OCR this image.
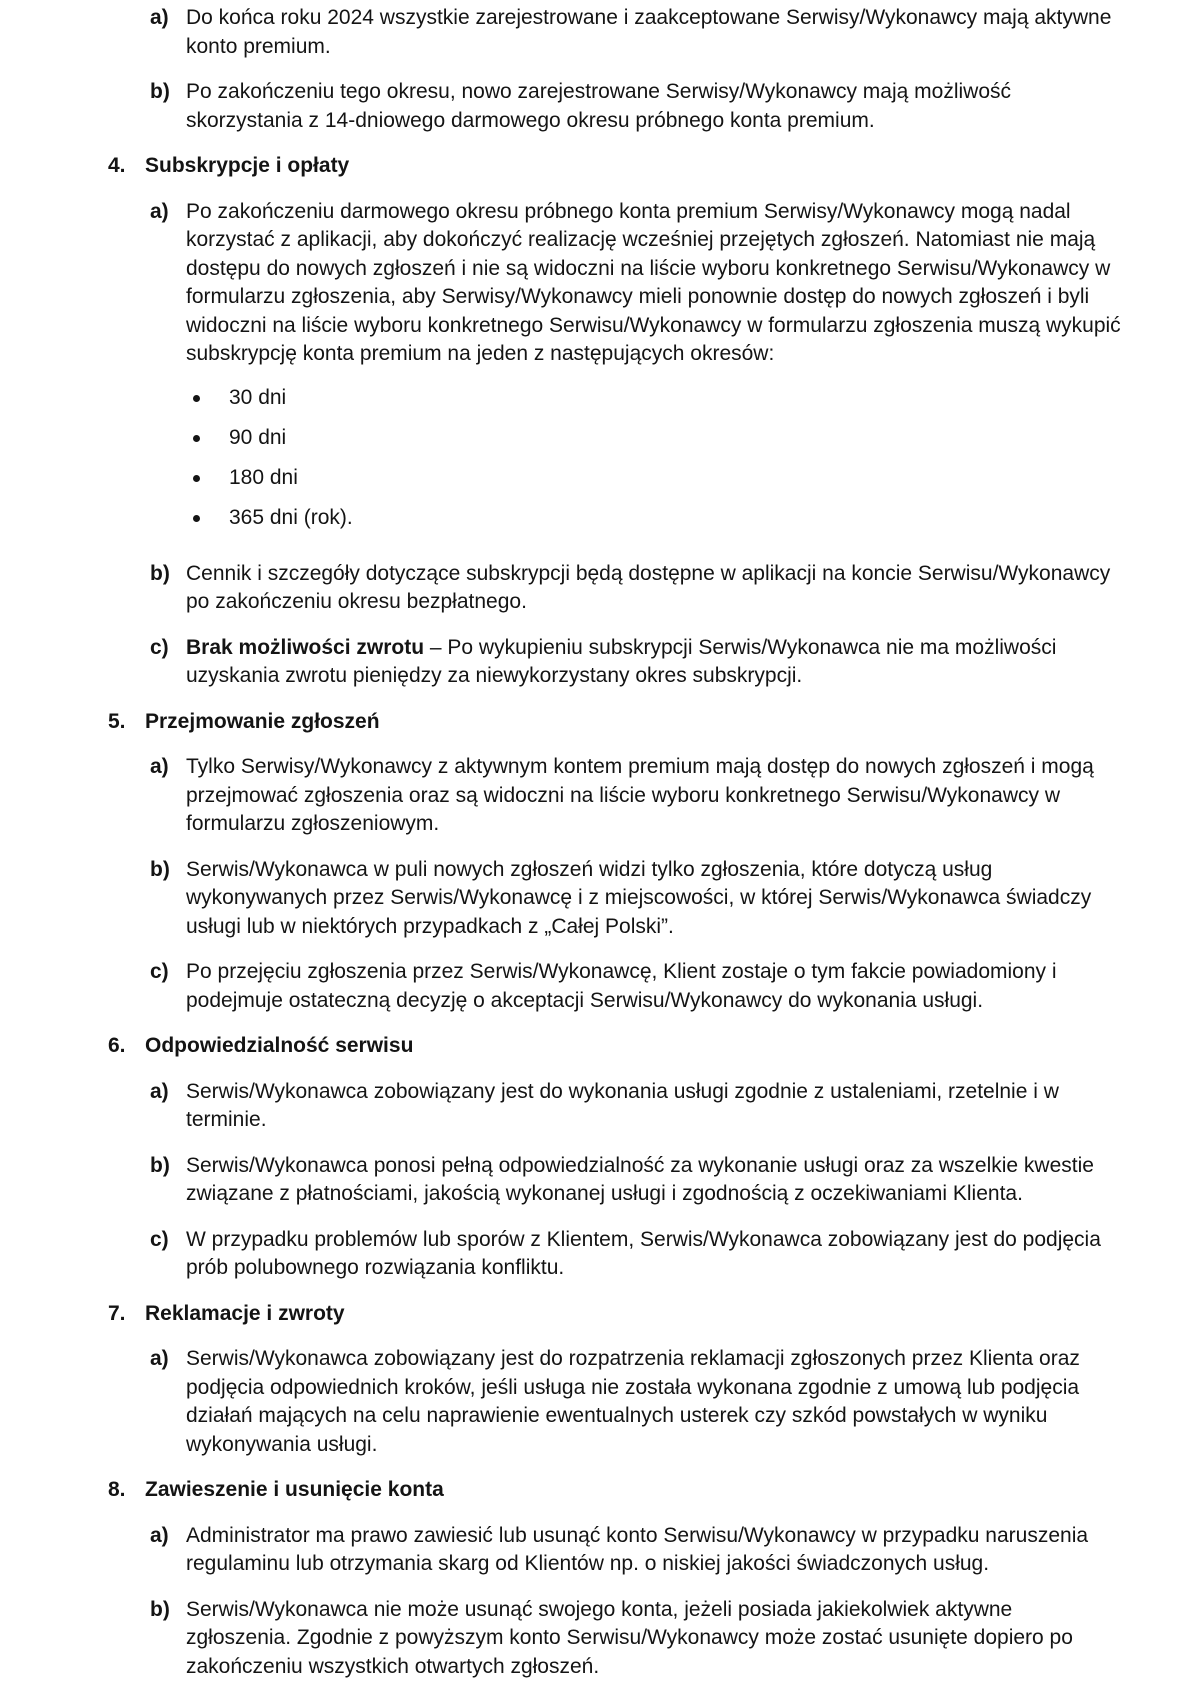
a) Do końca roku 2024 wszystkie zarejestrowane i zaakceptowane Serwisy/Wykonawcy mają aktywne konto premium.
b) Po zakończeniu tego okresu, nowo zarejestrowane Serwisy/Wykonawcy mają możliwość skorzystania z 14-dniowego darmowego okresu próbnego konta premium.
4. Subskrypcje i opłaty
a) Po zakończeniu darmowego okresu próbnego konta premium Serwisy/Wykonawcy mogą nadal korzystać z aplikacji, aby dokończyć realizację wcześniej przejętych zgłoszeń. Natomiast nie mają dostępu do nowych zgłoszeń i nie są widoczni na liście wyboru konkretnego Serwisu/Wykonawcy w formularzu zgłoszenia, aby Serwisy/Wykonawcy mieli ponownie dostęp do nowych zgłoszeń i byli widoczni na liście wyboru konkretnego Serwisu/Wykonawcy w formularzu zgłoszenia muszą wykupić subskrypcję konta premium na jeden z następujących okresów:
30 dni
90 dni
180 dni
365 dni (rok).
b) Cennik i szczegóły dotyczące subskrypcji będą dostępne w aplikacji na koncie Serwisu/Wykonawcy po zakończeniu okresu bezpłatnego.
c) Brak możliwości zwrotu – Po wykupieniu subskrypcji Serwis/Wykonawca nie ma możliwości uzyskania zwrotu pieniędzy za niewykorzystany okres subskrypcji.
5. Przejmowanie zgłoszeń
a) Tylko Serwisy/Wykonawcy z aktywnym kontem premium mają dostęp do nowych zgłoszeń i mogą przejmować zgłoszenia oraz są widoczni na liście wyboru konkretnego Serwisu/Wykonawcy w formularzu zgłoszeniowym.
b) Serwis/Wykonawca w puli nowych zgłoszeń widzi tylko zgłoszenia, które dotyczą usług wykonywanych przez Serwis/Wykonawcę i z miejscowości, w której Serwis/Wykonawca świadczy usługi lub w niektórych przypadkach z „Całej Polski”.
c) Po przejęciu zgłoszenia przez Serwis/Wykonawcę, Klient zostaje o tym fakcie powiadomiony i podejmuje ostateczną decyzję o akceptacji Serwisu/Wykonawcy do wykonania usługi.
6. Odpowiedzialność serwisu
a) Serwis/Wykonawca zobowiązany jest do wykonania usługi zgodnie z ustaleniami, rzetelnie i w terminie.
b) Serwis/Wykonawca ponosi pełną odpowiedzialność za wykonanie usługi oraz za wszelkie kwestie związane z płatnościami, jakością wykonanej usługi i zgodnością z oczekiwaniami Klienta.
c) W przypadku problemów lub sporów z Klientem, Serwis/Wykonawca zobowiązany jest do podjęcia prób polubownego rozwiązania konfliktu.
7. Reklamacje i zwroty
a) Serwis/Wykonawca zobowiązany jest do rozpatrzenia reklamacji zgłoszonych przez Klienta oraz podjęcia odpowiednich kroków, jeśli usługa nie została wykonana zgodnie z umową lub podjęcia działań mających na celu naprawienie ewentualnych usterek czy szkód powstałych w wyniku wykonywania usługi.
8. Zawieszenie i usunięcie konta
a) Administrator ma prawo zawiesić lub usunąć konto Serwisu/Wykonawcy w przypadku naruszenia regulaminu lub otrzymania skarg od Klientów np. o niskiej jakości świadczonych usług.
b) Serwis/Wykonawca nie może usunąć swojego konta, jeżeli posiada jakiekolwiek aktywne zgłoszenia. Zgodnie z powyższym konto Serwisu/Wykonawcy może zostać usunięte dopiero po zakończeniu wszystkich otwartych zgłoszeń.
